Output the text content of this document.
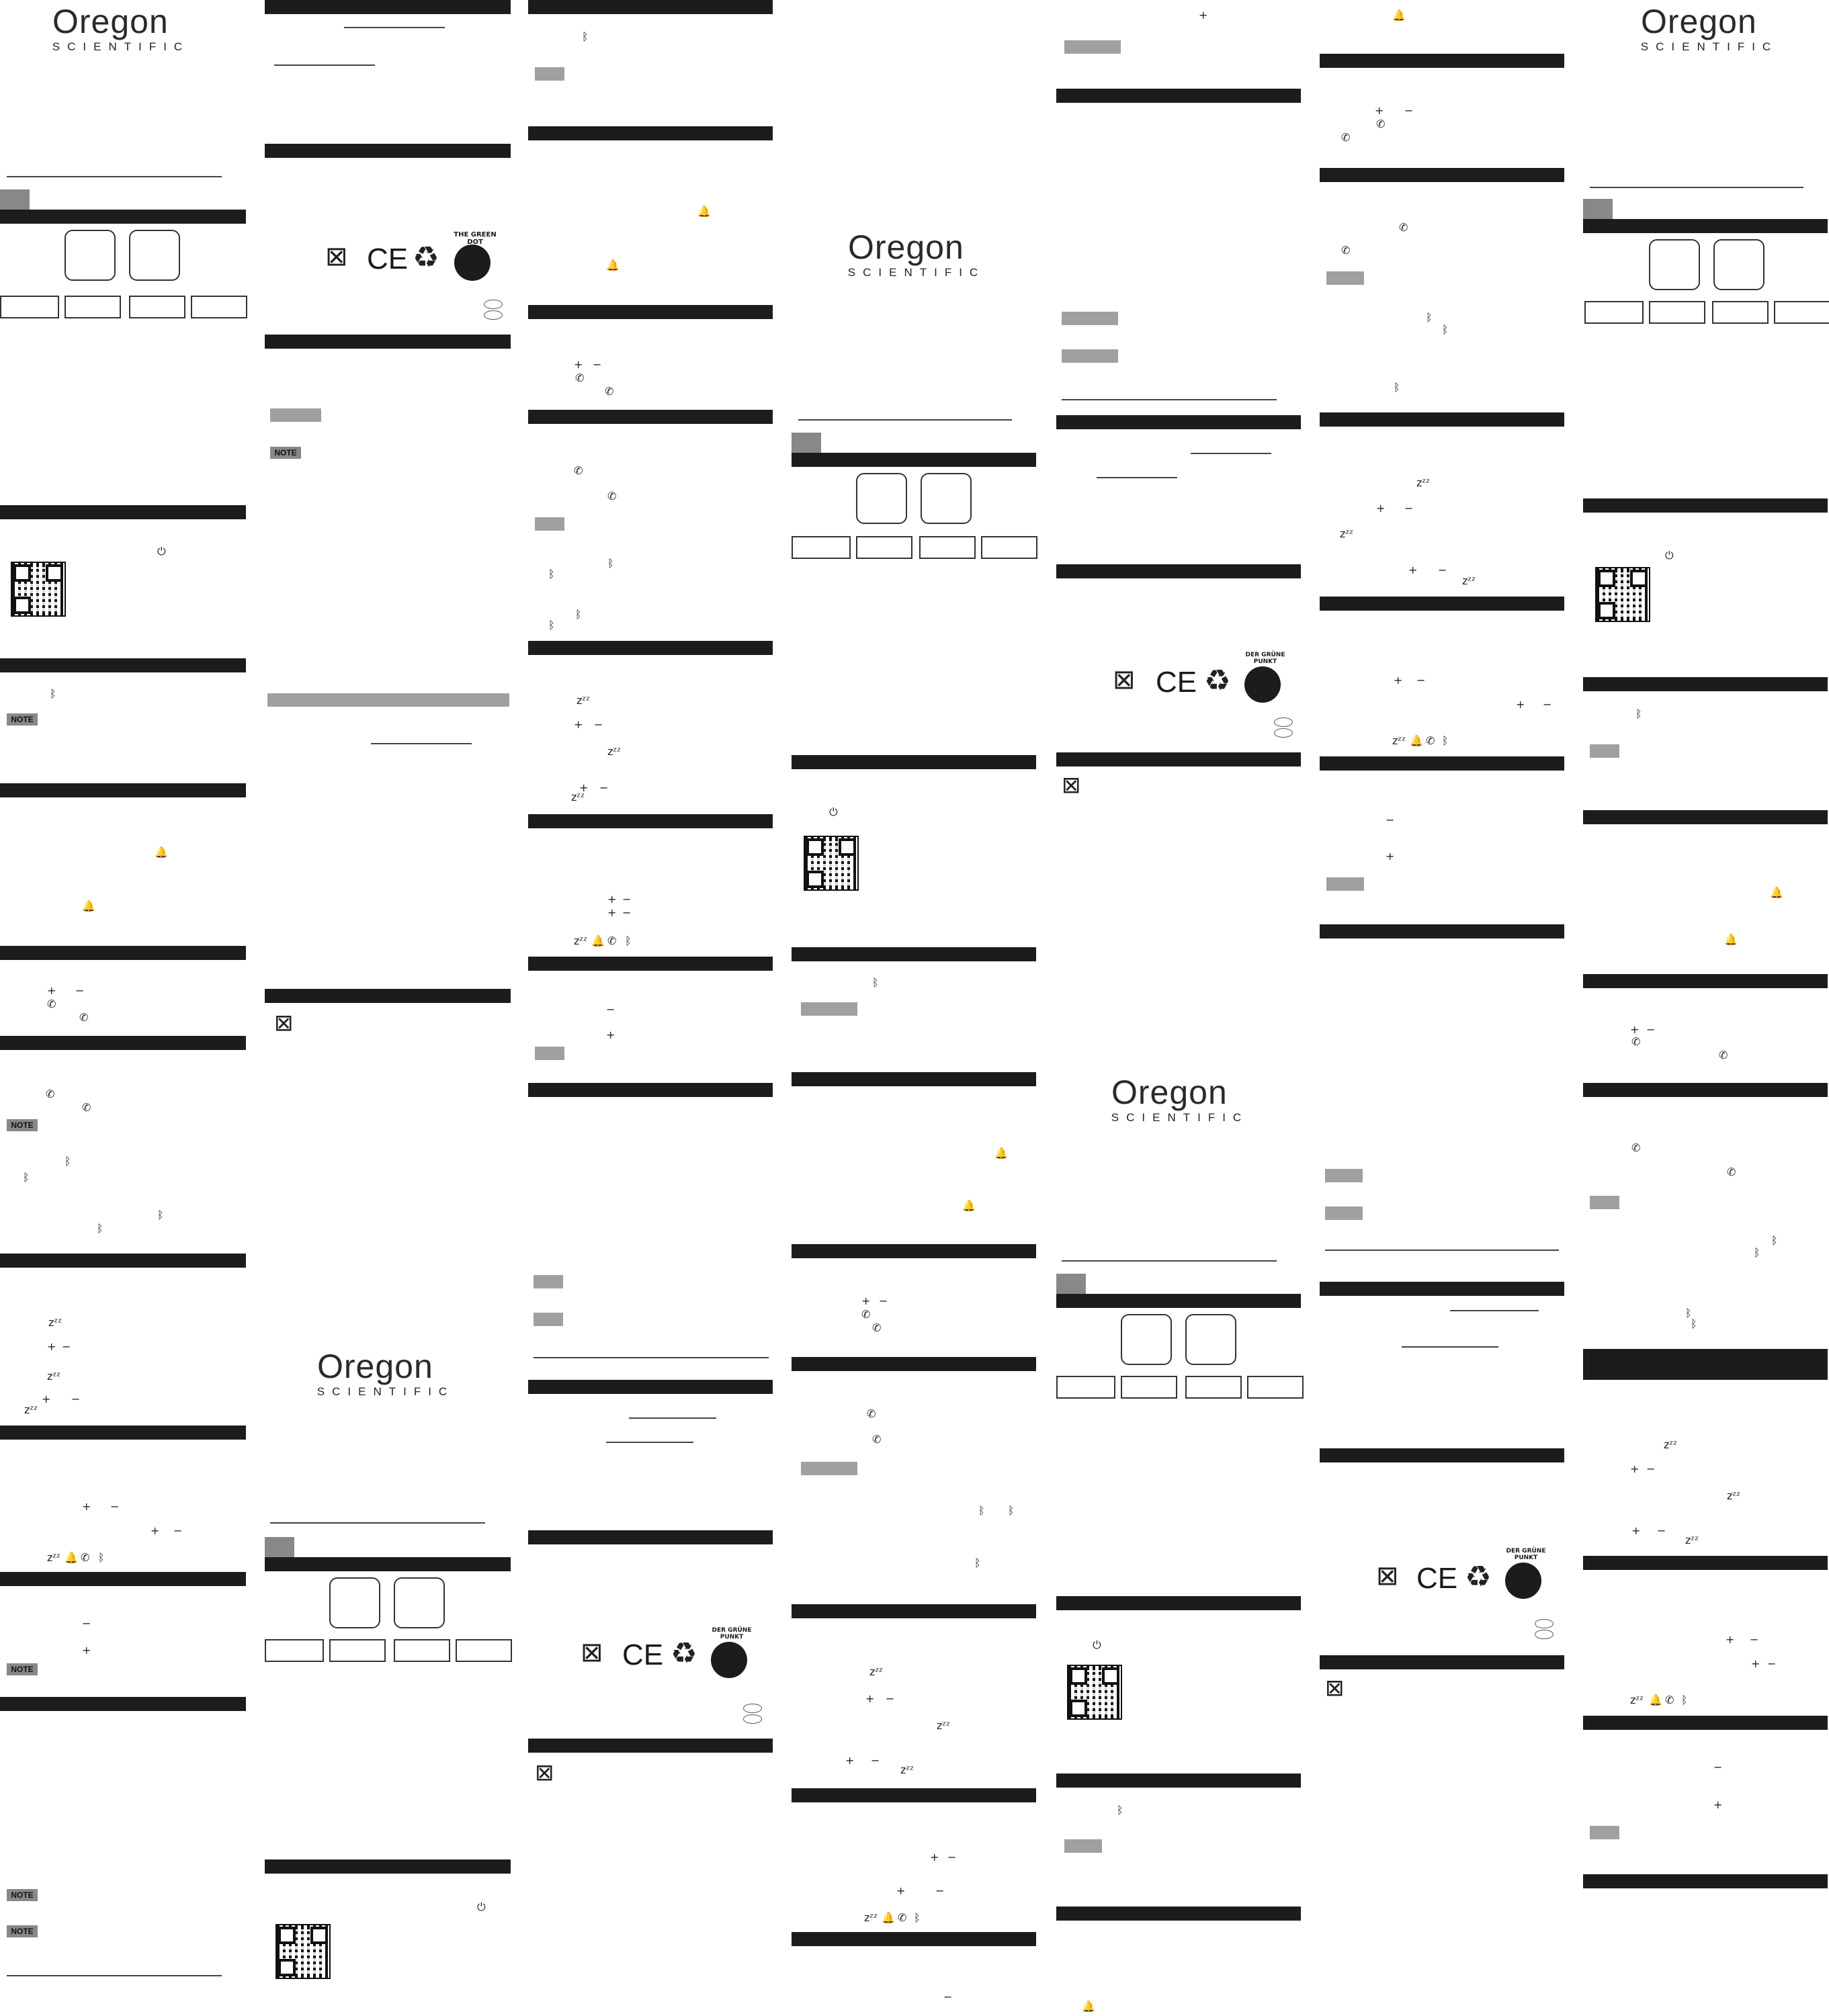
Oregon
SCIENTIFIC
⏻
ᛒ
NOTE
🔔
🔔
+ −
✆
✆
✆
✆
NOTE
ᛒ
ᛒ
ᛒ
ᛒ
zᶻᶻ
+ −
zᶻᶻ
+ −
zᶻᶻ
+ −
+ −
zᶻᶻ 🔔 ✆ ᛒ
−
+
NOTE
NOTE
NOTE
⊠ CE ♻
THE GREEN DOT
NOTE
⊠
Oregon
SCIENTIFIC
⏻
ᛒ
🔔
🔔
+ −
✆
✆
✆
✆
ᛒ
ᛒ
ᛒ
ᛒ
zᶻᶻ
+ −
zᶻᶻ
+ −
zᶻᶻ
+ −
+ −
zᶻᶻ 🔔 ✆ ᛒ
−
+
⊠ CE ♻
DER GRÜNE PUNKT
⊠
Oregon
SCIENTIFIC
⏻
ᛒ
🔔
🔔
+ −
✆
✆
✆
✆
ᛒ ᛒ
ᛒ
zᶻᶻ
+ −
zᶻᶻ
+ −
zᶻᶻ
+ −
+	−
zᶻᶻ 🔔 ✆ ᛒ
−
+
⊠ CE ♻
DER GRÜNE PUNKT
⊠
Oregon
SCIENTIFIC
⏻
ᛒ
🔔
🔔
+ −
✆
✆
✆
✆
ᛒ
ᛒ
ᛒ
zᶻᶻ
+ −
zᶻᶻ
+ −
zᶻᶻ
+ −
+ −
zᶻᶻ 🔔 ✆ ᛒ
−
+
⊠ CE ♻
DER GRÜNE PUNKT
⊠
Oregon
SCIENTIFIC
⏻
ᛒ
🔔
🔔
+ −
✆
✆
✆
✆
ᛒ
ᛒ
ᛒ
ᛒ
zᶻᶻ
+ −
zᶻᶻ
+ −
zᶻᶻ
+ −
+ −
zᶻᶻ 🔔 ✆ ᛒ
−
+
